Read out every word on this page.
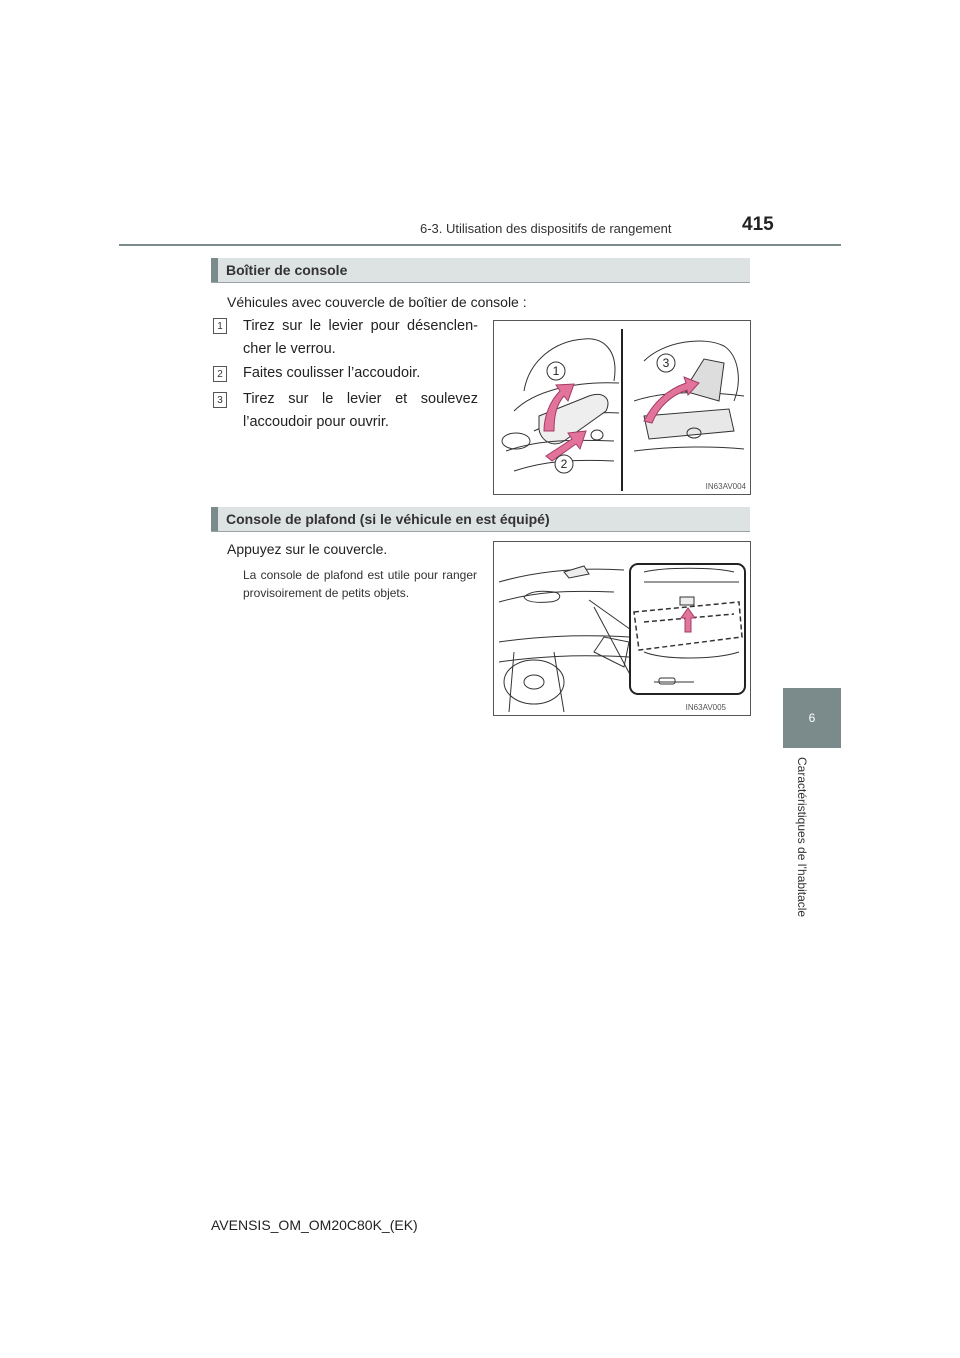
6-3. Utilisation des dispositifs de rangement	415
6
Caractéristiques de l’habitacle
Boîtier de console
Véhicules avec couvercle de boîtier de console :
1 Tirez sur le levier pour désenclen-cher le verrou.
2 Faites coulisser l’accoudoir.
3 Tirez sur le levier et soulevez l’accoudoir pour ouvrir.
1
2
3
IN63AV004
Console de plafond (si le véhicule en est équipé)
Appuyez sur le couvercle.
La console de plafond est utile pour ranger provisoirement de petits objets.
IN63AV005
AVENSIS_OM_OM20C80K_(EK)
